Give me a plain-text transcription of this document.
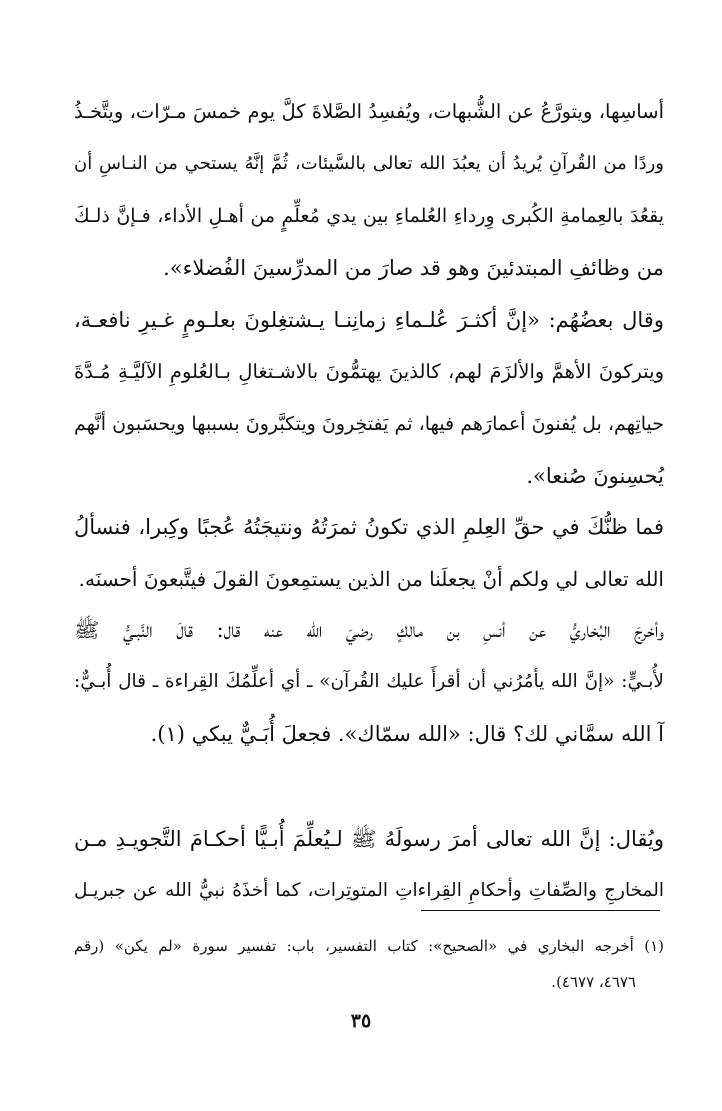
أساسِها، ويتورَّعُ عن الشُّبهات، ويُفسِدُ الصَّلاةَ كلَّ يوم خمسَ مـرّات، ويتَّخـذُ

وردًا من القُرآنِ يُريدُ أن يعبُدَ الله تعالى بالسَّيئات، ثُمَّ إنَّهُ يستحي من النـاسِ أن

يقعُدَ بالعِمامةِ الكُبرى وِرداءِ العُلماءِ بين يدي مُعلِّمٍ من أهـلِ الأداء، فـإنَّ ذلـكَ

من وظائفِ المبتدئينَ وهو قد صارَ من المدرِّسينَ الفُضلاء».

وقال بعضُهُم: «إنَّ أكثـرَ عُلـماءِ زمانِنـا يـشتغِلونَ بعلـومٍ غـيرِ نافعـة،

ويتركونَ الأهمَّ والألزَمَ لهم، كالذينَ يهتمُّونَ بالاشـتغالِ بـالعُلومِ الآليَّـةِ مُـدَّةَ

حياتِهم، بل يُفنونَ أعمارَهم فيها، ثم يَفتخِرونَ ويتكبَّرونَ بسببها ويحسَبون أنَّهم

يُحسِنونَ صُنعا».

فما ظنُّكَ في حقِّ العِلمِ الذي تكونُ ثمرَتُهُ ونتيجَتُهُ عُجبًا وكِبرا، فنسألُ

الله تعالى لي ولكم أنْ يجعلَنا من الذين يستمِعونَ القولَ فيتَّبعونَ أحسنَه.

وأخرجَ البُخاريُّ عن أنسِ بن مالكٍ رضيَ الله عنه قال: قالَ النَّبـيُّ ﷺ

لأُبـيٍّ: «إنَّ الله يأمُرُني أن أقرأَ عليك القُرآن» ـ أي أعلِّمُكَ القِراءة ـ قال أُبـيٌّ:

آ الله سمَّاني لك؟ قال: «الله سمّاك». فجعلَ أُبَـيٌّ يبكي (١).

ويُقال: إنَّ الله تعالى أمرَ رسولَهُ ﷺ لـيُعلِّمَ أُبـيًّا أحكـامَ التَّجويـدِ مـن

المخارجِ والصِّفاتِ وأحكامِ القِراءاتِ المتوتِرات، كما أخذَهُ نبيُّ الله عن جبريـل

(١) أخرجه البخاري في «الصحيح»: كتاب التفسير، باب: تفسير سورة «لم يكن» (رقم

٤٦٧٦، ٤٦٧٧).

٣٥
